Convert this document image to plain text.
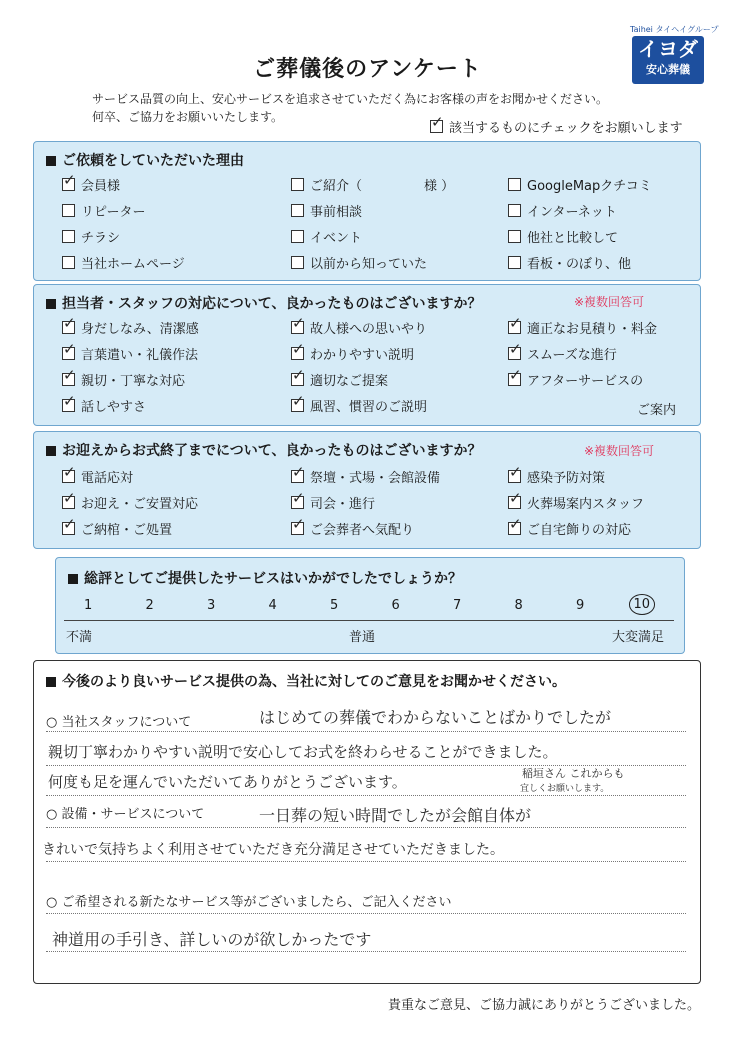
ご葬儀後のアンケート
Taihei タイヘイグループ
イヨダ
安心葬儀
サービス品質の向上、安心サービスを追求させていただく為にお客様の声をお聞かせください。
何卒、ご協力をお願いいたします。	✓ 該当するものにチェックをお願いします
ご依頼をしていただいた理由
✓ 会員様	ご紹介（	様 ）	GoogleMapクチコミ
リピーター	事前相談	インターネット
チラシ	イベント	他社と比較して
当社ホームページ	以前から知っていた	看板・のぼり、他
担当者・スタッフの対応について、良かったものはございますか？	※複数回答可
✓ 身だしなみ、清潔感	✓ 故人様への思いやり	✓ 適正なお見積り・料金
✓ 言葉遣い・礼儀作法	✓ わかりやすい説明	✓ スムーズな進行
✓ 親切・丁寧な対応	✓ 適切なご提案	✓ アフターサービスの
✓ 話しやすさ	✓ 風習、慣習のご説明	ご案内
お迎えからお式終了までについて、良かったものはございますか？	※複数回答可
✓ 電話応対	✓ 祭壇・式場・会館設備	✓ 感染予防対策
✓ お迎え・ご安置対応	✓ 司会・進行	✓ 火葬場案内スタッフ
✓ ご納棺・ご処置	✓ ご会葬者へ気配り	✓ ご自宅飾りの対応
総評としてご提供したサービスはいかがでしたでしょうか？
1	2	3	4	5	6	7	8	9	10
不満	普通	大変満足
今後のより良いサービス提供の為、当社に対してのご意見をお聞かせください。
○ 当社スタッフについて	はじめての葬儀でわからないことばかりでしたが
親切丁寧わかりやすい説明で安心してお式を終わらせることができました。
何度も足を運んでいただいてありがとうございます。	稲垣さん これからも
宜しくお願いします。
○ 設備・サービスについて	一日葬の短い時間でしたが会館自体が
きれいで気持ちよく利用させていただき充分満足させていただきました。
○ ご希望される新たなサービス等がございましたら、ご記入ください
神道用の手引き、詳しいのが欲しかったです
貴重なご意見、ご協力誠にありがとうございました。
